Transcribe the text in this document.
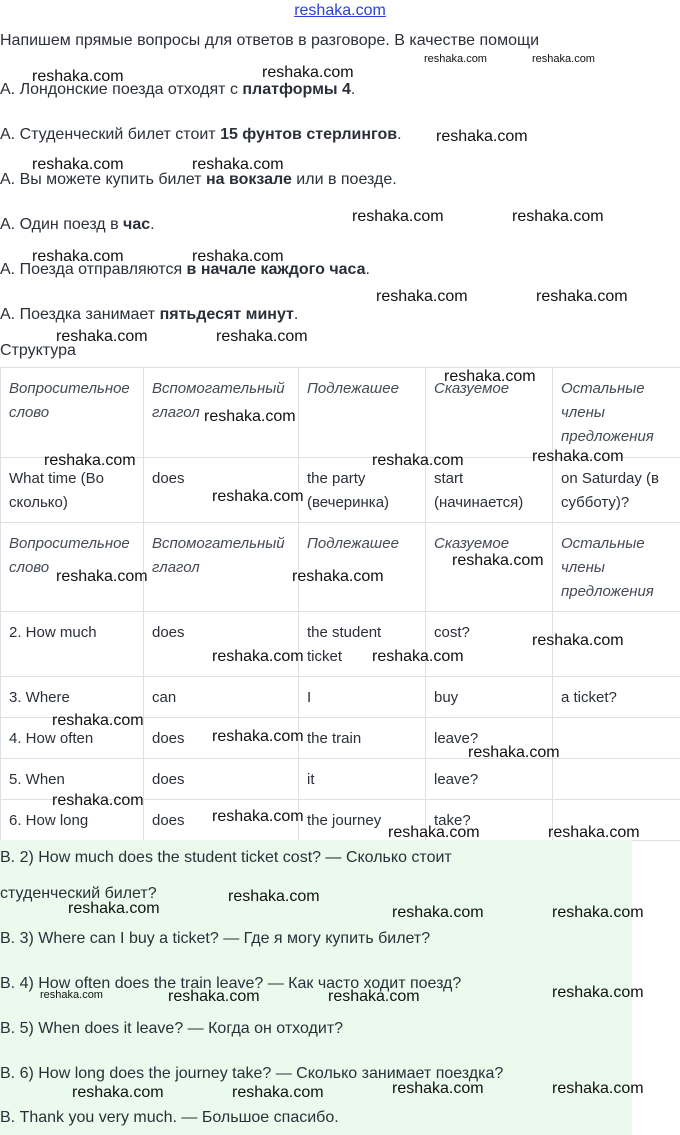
reshaka.com
Напишем прямые вопросы для ответов в разговоре. В качестве помощи
А. Лондонские поезда отходят с платформы 4.
А. Студенческий билет стоит 15 фунтов стерлингов.
А. Вы можете купить билет на вокзале или в поезде.
А. Один поезд в час.
А. Поезда отправляются в начале каждого часа.
А. Поездка занимает пятьдесят минут.
Структура
Вопросительное слово	Вспомогательный глагол	Подлежашее	Сказуемое	Остальные члены предложения
What time (Во сколько)	does	the party (вечеринка)	start (начинается)	on Saturday (в субботу)?
Вопросительное слово	Вспомогательный глагол	Подлежашее	Сказуемое	Остальные члены предложения
2. How much	does	the student ticket	cost?	
3. Where	can	I	buy	a ticket?
4. How often	does	the train	leave?	
5. When	does	it	leave?	
6. How long	does	the journey	take?	
В. 2) How much does the student ticket cost? — Сколько стоит
студенческий билет?
В. 3) Where can I buy a ticket? — Где я могу купить билет?
В. 4) How often does the train leave? — Как часто ходит поезд?
В. 5) When does it leave? — Когда он отходит?
В. 6) How long does the journey take? — Сколько занимает поездка?
В. Thank you very much. — Большое спасибо.
reshaka.com	reshaka.com
reshaka.com	reshaka.com
reshaka.com
reshaka.com	reshaka.com
reshaka.com	reshaka.com
reshaka.com	reshaka.com
reshaka.com	reshaka.com
reshaka.com	reshaka.com
reshaka.com
reshaka.com
reshaka.com	reshaka.com	reshaka.com
reshaka.com
reshaka.com
reshaka.com	reshaka.com
reshaka.com
reshaka.com	reshaka.com
reshaka.com
reshaka.com
reshaka.com
reshaka.com
reshaka.com
reshaka.com	reshaka.com
reshaka.com
reshaka.com	reshaka.com	reshaka.com
reshaka.com	reshaka.com	reshaka.com	reshaka.com
reshaka.com	reshaka.com
reshaka.com	reshaka.com
